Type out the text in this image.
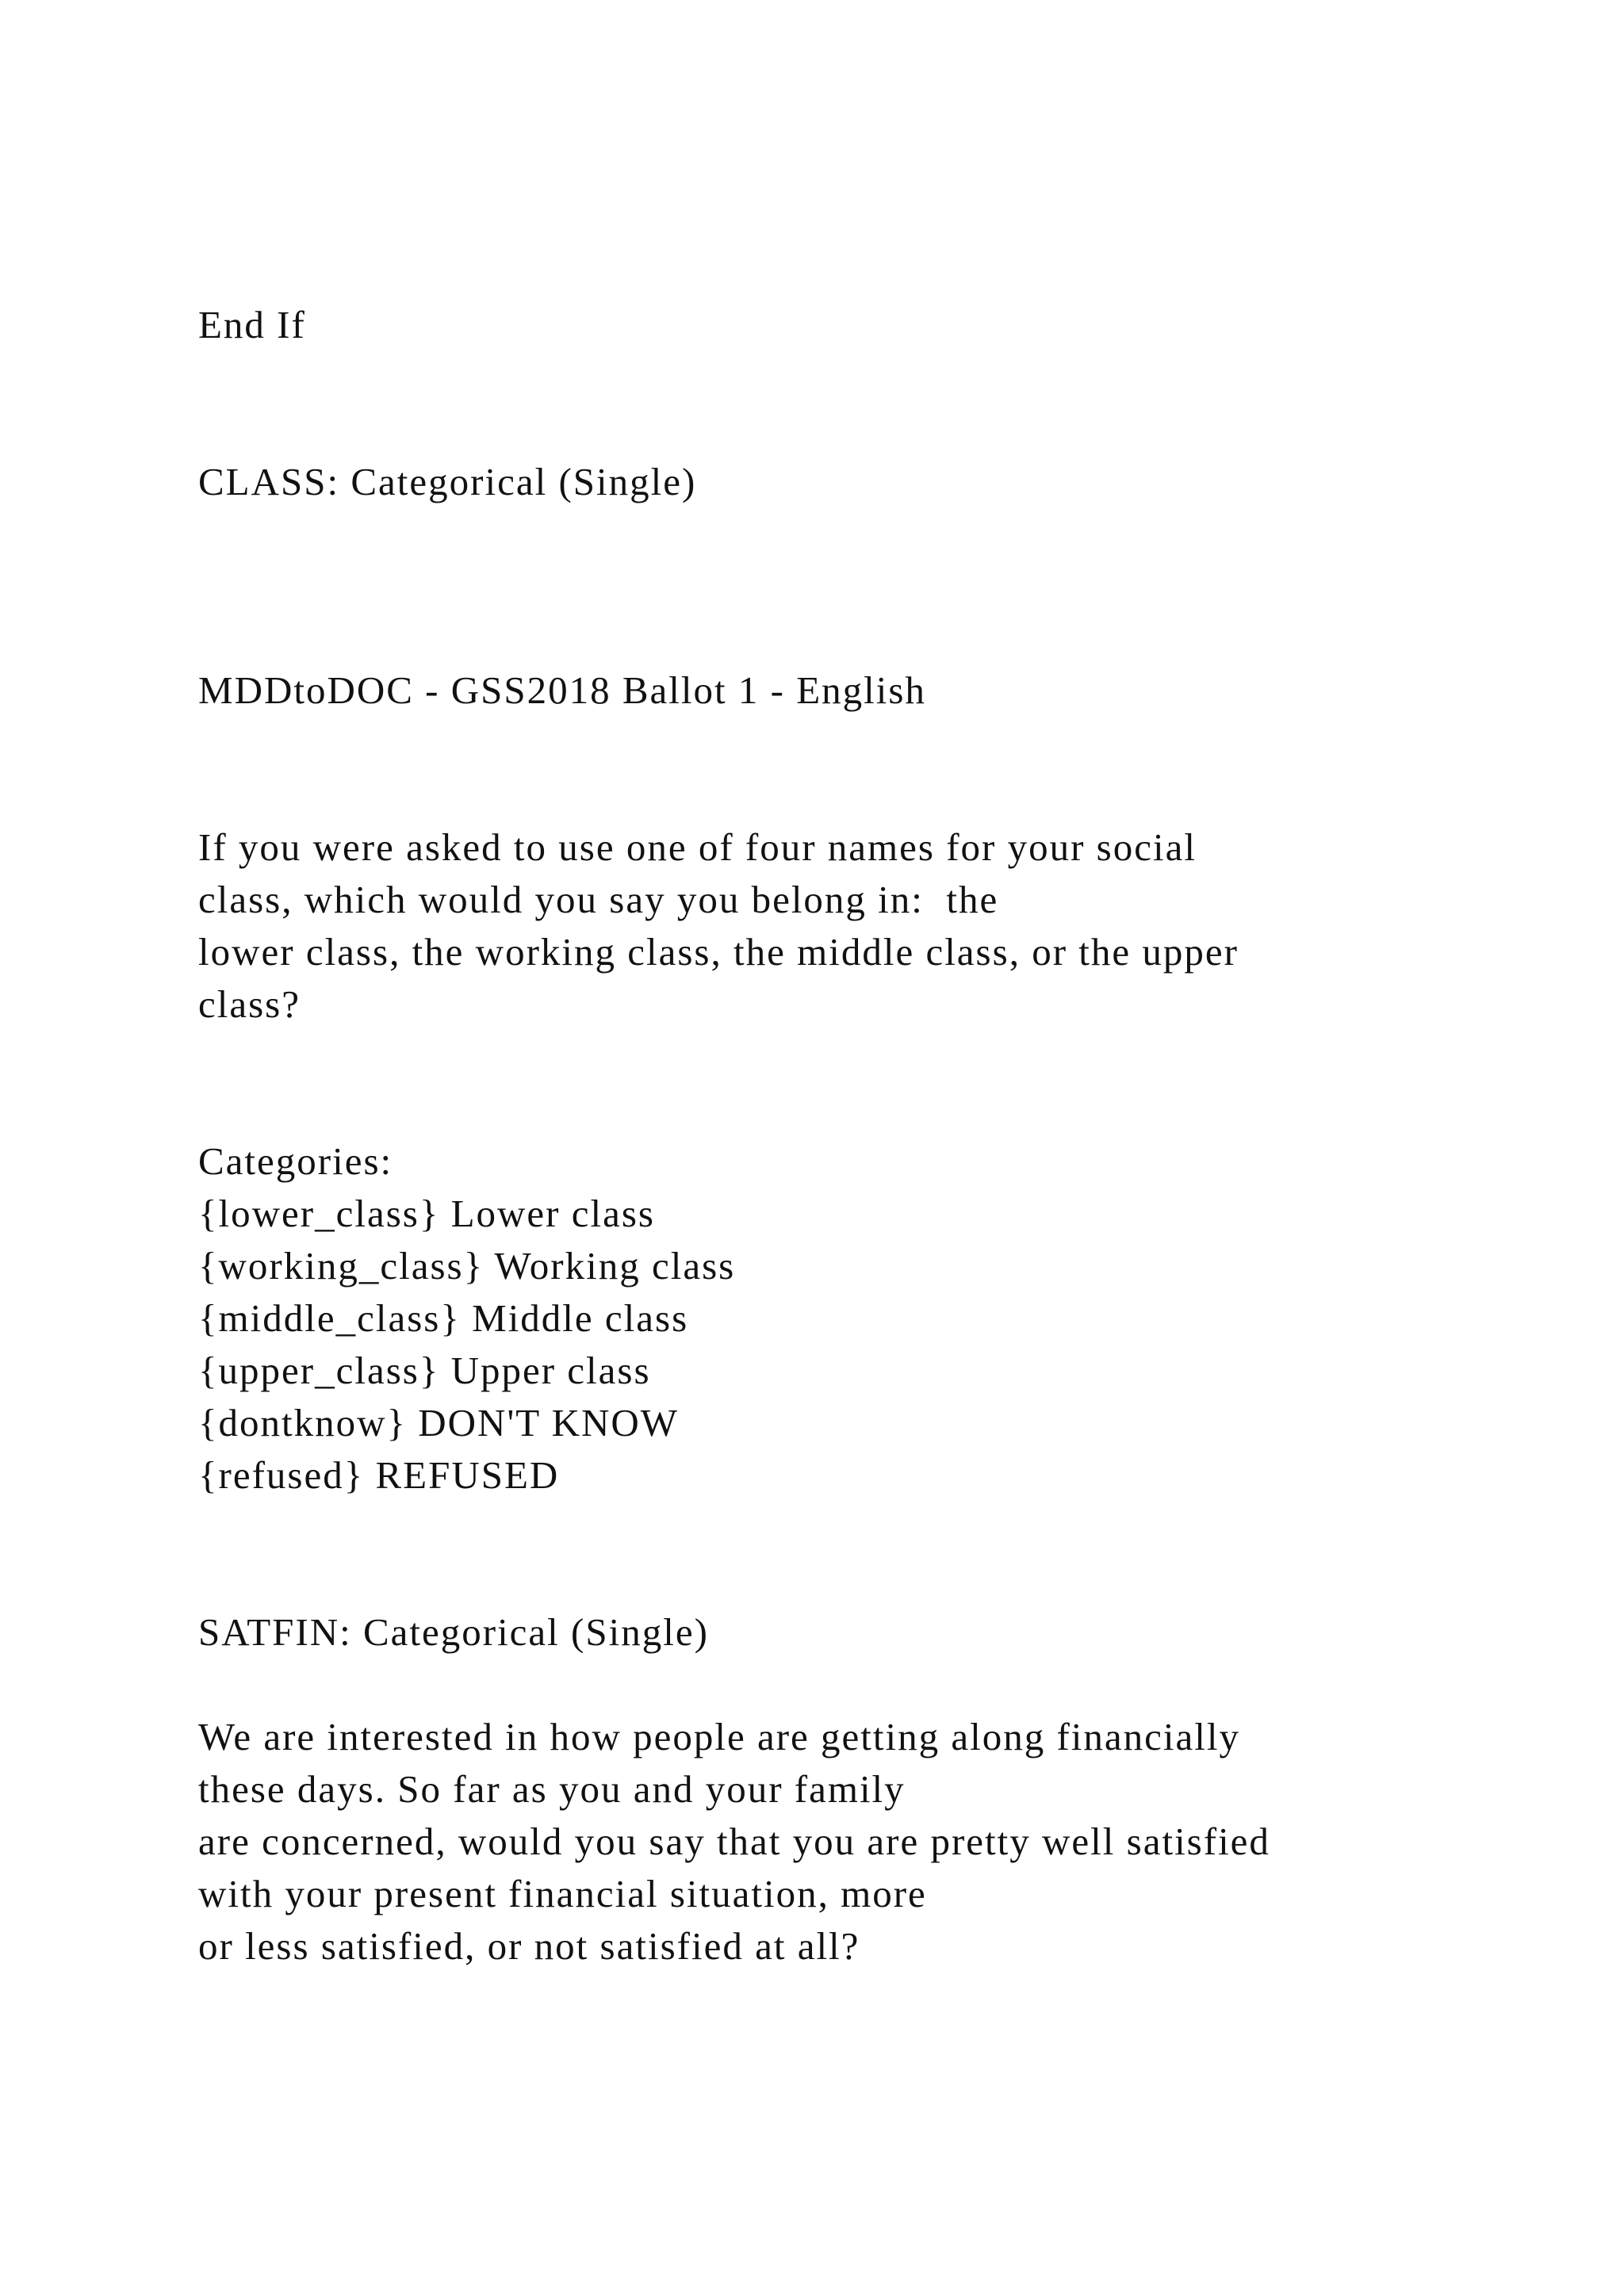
End If
CLASS: Categorical (Single)
MDDtoDOC - GSS2018 Ballot 1 - English
If you were asked to use one of four names for your social
class, which would you say you belong in:  the
lower class, the working class, the middle class, or the upper
class?
Categories:
{lower_class} Lower class
{working_class} Working class
{middle_class} Middle class
{upper_class} Upper class
{dontknow} DON'T KNOW
{refused} REFUSED
SATFIN: Categorical (Single)
We are interested in how people are getting along financially
these days. So far as you and your family
are concerned, would you say that you are pretty well satisfied
with your present financial situation, more
or less satisfied, or not satisfied at all?
